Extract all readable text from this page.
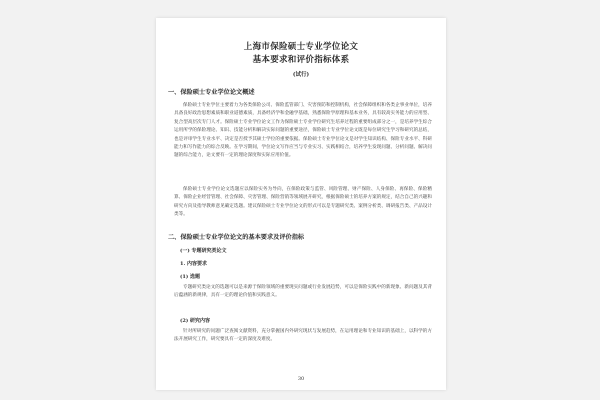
上海市保险硕士专业学位论文
基本要求和评价指标体系
(试行)
一、保险硕士专业学位论文概述
保险硕士专业学位主要着力为各类保险公司、保险监管部门、灾害预防和控制机构，社会保障组织和各类企事业单位，培养具备良好政治思想素质和职业道德素质，具备经济学和金融学基础，熟悉保险学原理和基本业务，具有较高实务能力的应用型、复合型高层次专门人才。保险硕士专业学位论文工作为保险硕士专业学位研究生培养过程的重要组成部分之一，是培养学生综合运用所学的保险理论、知识、技能分析和解决实际问题的重要途径，保险硕士专业学位论文既是每位研究生学习和研究的总结，也是评审学生专业水平、决定是否授予其硕士学位的重要依据。保险硕士专业学位论文是对学生知识结构、保险专业水平、科研能力和写作能力的综合反映。在学习期间，学位论文写作应当与专业实习、实践相结合，培养学生发现问题、分析问题、解决问题的综合能力，论文要有一定的理论深度和实际应用价值。
保险硕士专业学位论文选题应以保险实务为导向，在保险政策与监管、风险管理、财产保险、人身保险、再保险、保险精算、保险企业经营管理、社会保障、灾害管理、保险营销等领域展开研究，根据保险硕士的培养方案的规定，结合自己的兴趣和研究方向及指导教师意见确定选题。建议保险硕士专业学位论文的形式可以是专题研究类、案例分析类、调研报告类、产品设计类等。
二、保险硕士专业学位论文的基本要求及评价指标
(一) 专题研究类论文
1. 内容要求
(1) 选题
专题研究类论文的选题可以是来源于保险领域的重要现实问题或行业发展趋势，可以是保险实践中的新现象、新问题及其背后蕴涵的新规律，具有一定的理论价值和实践意义。
(2) 研究内容
针对所研究的问题广泛查阅文献资料，充分掌握国内外研究现状与发展趋势，在运用理论和专业知识的基础上，以科学的方法开展研究工作，研究要具有一定的深度及难度。
30
